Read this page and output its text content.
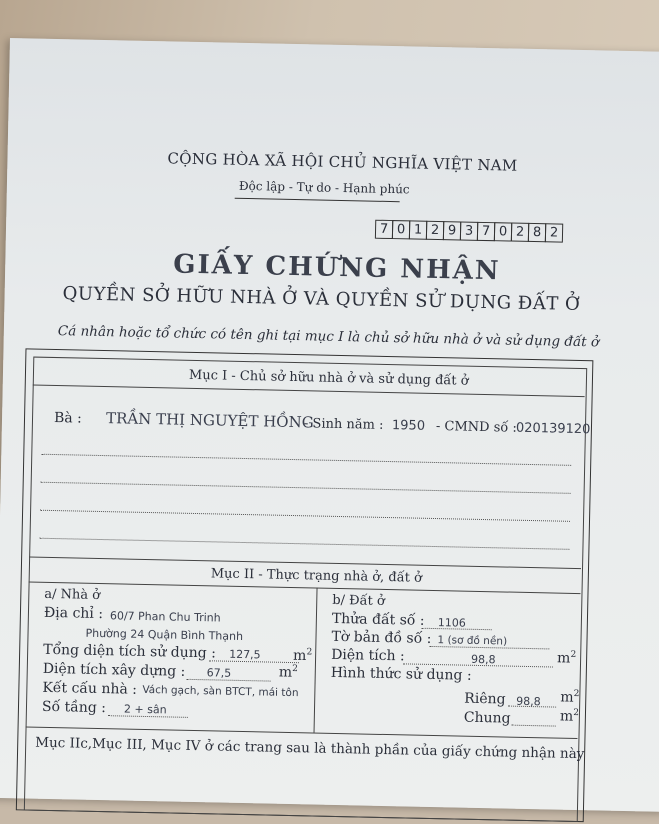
CỘNG HÒA XÃ HỘI CHỦ NGHĨA VIỆT NAM
Độc lập - Tự do - Hạnh phúc
7 0 1 2 9 3 7 0 2 8 2
GIẤY CHỨNG NHẬN
QUYỀN SỞ HỮU NHÀ Ở VÀ QUYỀN SỬ DỤNG ĐẤT Ở
Cá nhân hoặc tổ chức có tên ghi tại mục I là chủ sở hữu nhà ở và sử dụng đất ở
Mục I - Chủ sở hữu nhà ở và sử dụng đất ở
Bà : TRẦN THỊ NGUYỆT HỒNG
- Sinh năm : 1950 - CMND số :
020139120
Mục II - Thực trạng nhà ở, đất ở
a/ Nhà ở
Địa chỉ : 60/7 Phan Chu Trinh
Phường 24 Quận Bình Thạnh
Tổng diện tích sử dụng : 127,5 $m^2$
Diện tích xây dựng : 67,5	$m^2$
Kết cấu nhà : Vách gạch, sàn BTCT, mái tôn
Số tầng : 2 + sân
b/ Đất ở
Thửa đất số : 1106
Tờ bản đồ số : 1 (sơ đồ nền)
Diện tích :	98,8	$m^2$
Hình thức sử dụng :
Riêng 98,8 $m^2$
Chung	$m^2$
Mục IIc,Mục III, Mục IV ở các trang sau là thành phần của giấy chứng nhận này
